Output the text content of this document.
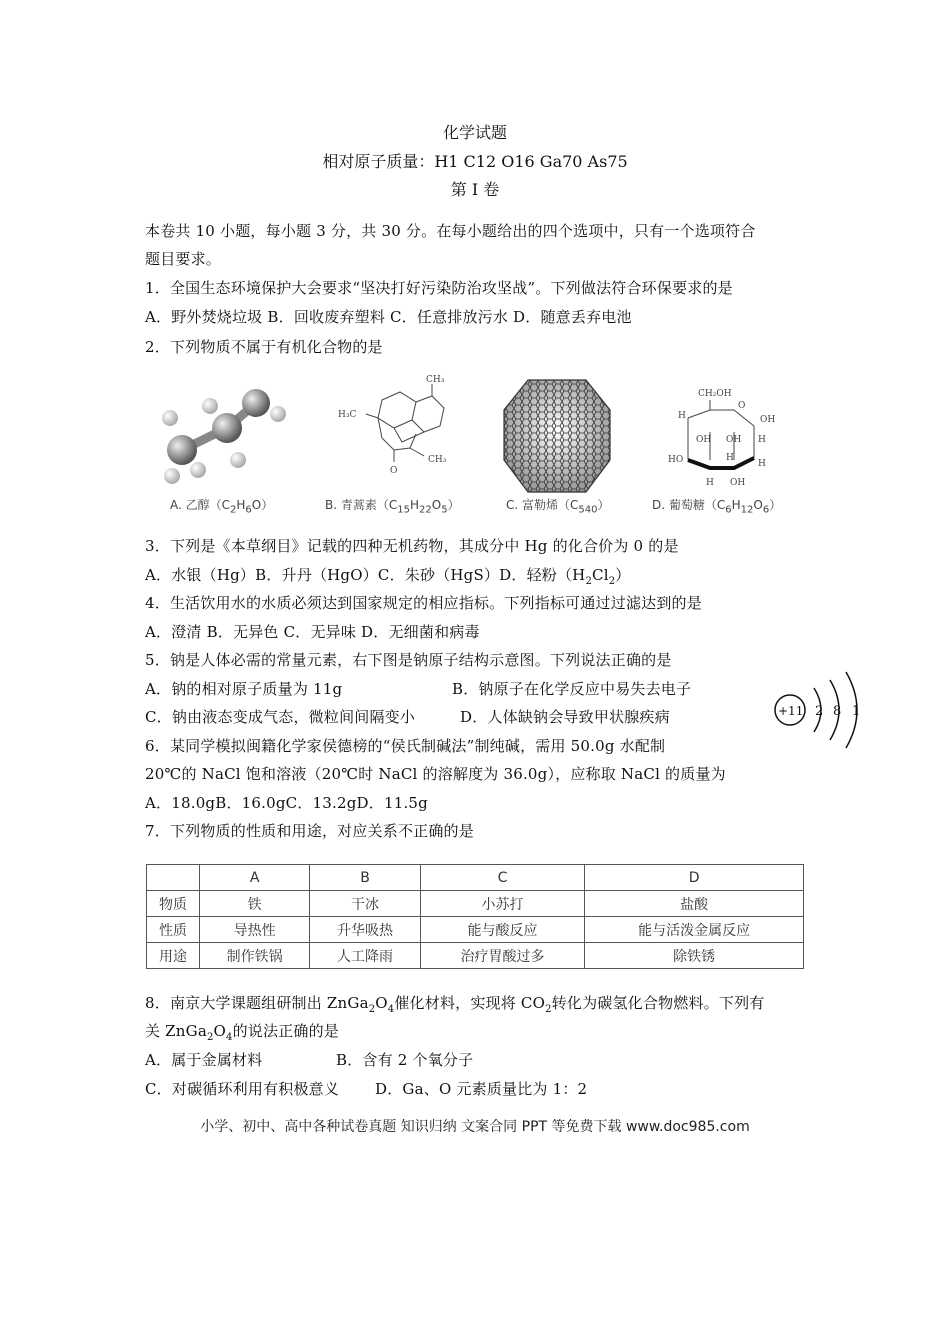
化学试题
相对原子质量：H1 C12 O16 Ga70 As75
第 I 卷
本卷共 10 小题，每小题 3 分，共 30 分。在每小题给出的四个选项中，只有一个选项符合
题目要求。
1．全国生态环境保护大会要求“坚决打好污染防治攻坚战”。下列做法符合环保要求的是
A．野外焚烧垃圾 B．回收废弃塑料 C．任意排放污水 D．随意丢弃电池
2．下列物质不属于有机化合物的是
CH₃
H₃C
CH₃
O
CH₂OH
H
O
OH
OH OH H
HO	H
H OH
H
A. 乙醇$(C_2H_6O)$	B. 青蒿素$(C_{15}H_{22}O_5)$	C. 富勒烯$(C_{540})$	D. 葡萄糖$(C_6H_{12}O_6)$
3．下列是《本草纲目》记载的四种无机药物，其成分中 Hg 的化合价为 0 的是
A．水银（Hg）B．升丹（HgO）C．朱砂（HgS）D．轻粉$(H_2Cl_2)$
4．生活饮用水的水质必须达到国家规定的相应指标。下列指标可通过过滤达到的是
A．澄清 B．无异色 C．无异味 D．无细菌和病毒
5．钠是人体必需的常量元素，右下图是钠原子结构示意图。下列说法正确的是
A．钠的相对原子质量为 11g	B．钠原子在化学反应中易失去电子
C．钠由液态变成气态，微粒间间隔变小	D．人体缺钠会导致甲状腺疾病	+11 2 8 1
6．某同学模拟闽籍化学家侯德榜的“侯氏制碱法”制纯碱，需用 50.0g 水配制
20℃的 NaCl 饱和溶液（20℃时 NaCl 的溶解度为 36.0g），应称取 NaCl 的质量为
A．18.0gB．16.0gC．13.2gD．11.5g
7．下列物质的性质和用途，对应关系不正确的是
	A	B	C	D
物质	铁	干冰	小苏打	盐酸
性质	导热性	升华吸热	能与酸反应	能与活泼金属反应
用途	制作铁锅	人工降雨	治疗胃酸过多	除铁锈
8．南京大学课题组研制出 $ZnGa_2O_4$催化材料，实现将 $CO_2$转化为碳氢化合物燃料。下列有
关 $ZnGa_2O_4$的说法正确的是
A．属于金属材料	B．含有 2 个氧分子
C．对碳循环利用有积极意义 D．Ga、O 元素质量比为 1：2
小学、初中、高中各种试卷真题 知识归纳 文案合同 PPT 等免费下载 www.doc985.com
